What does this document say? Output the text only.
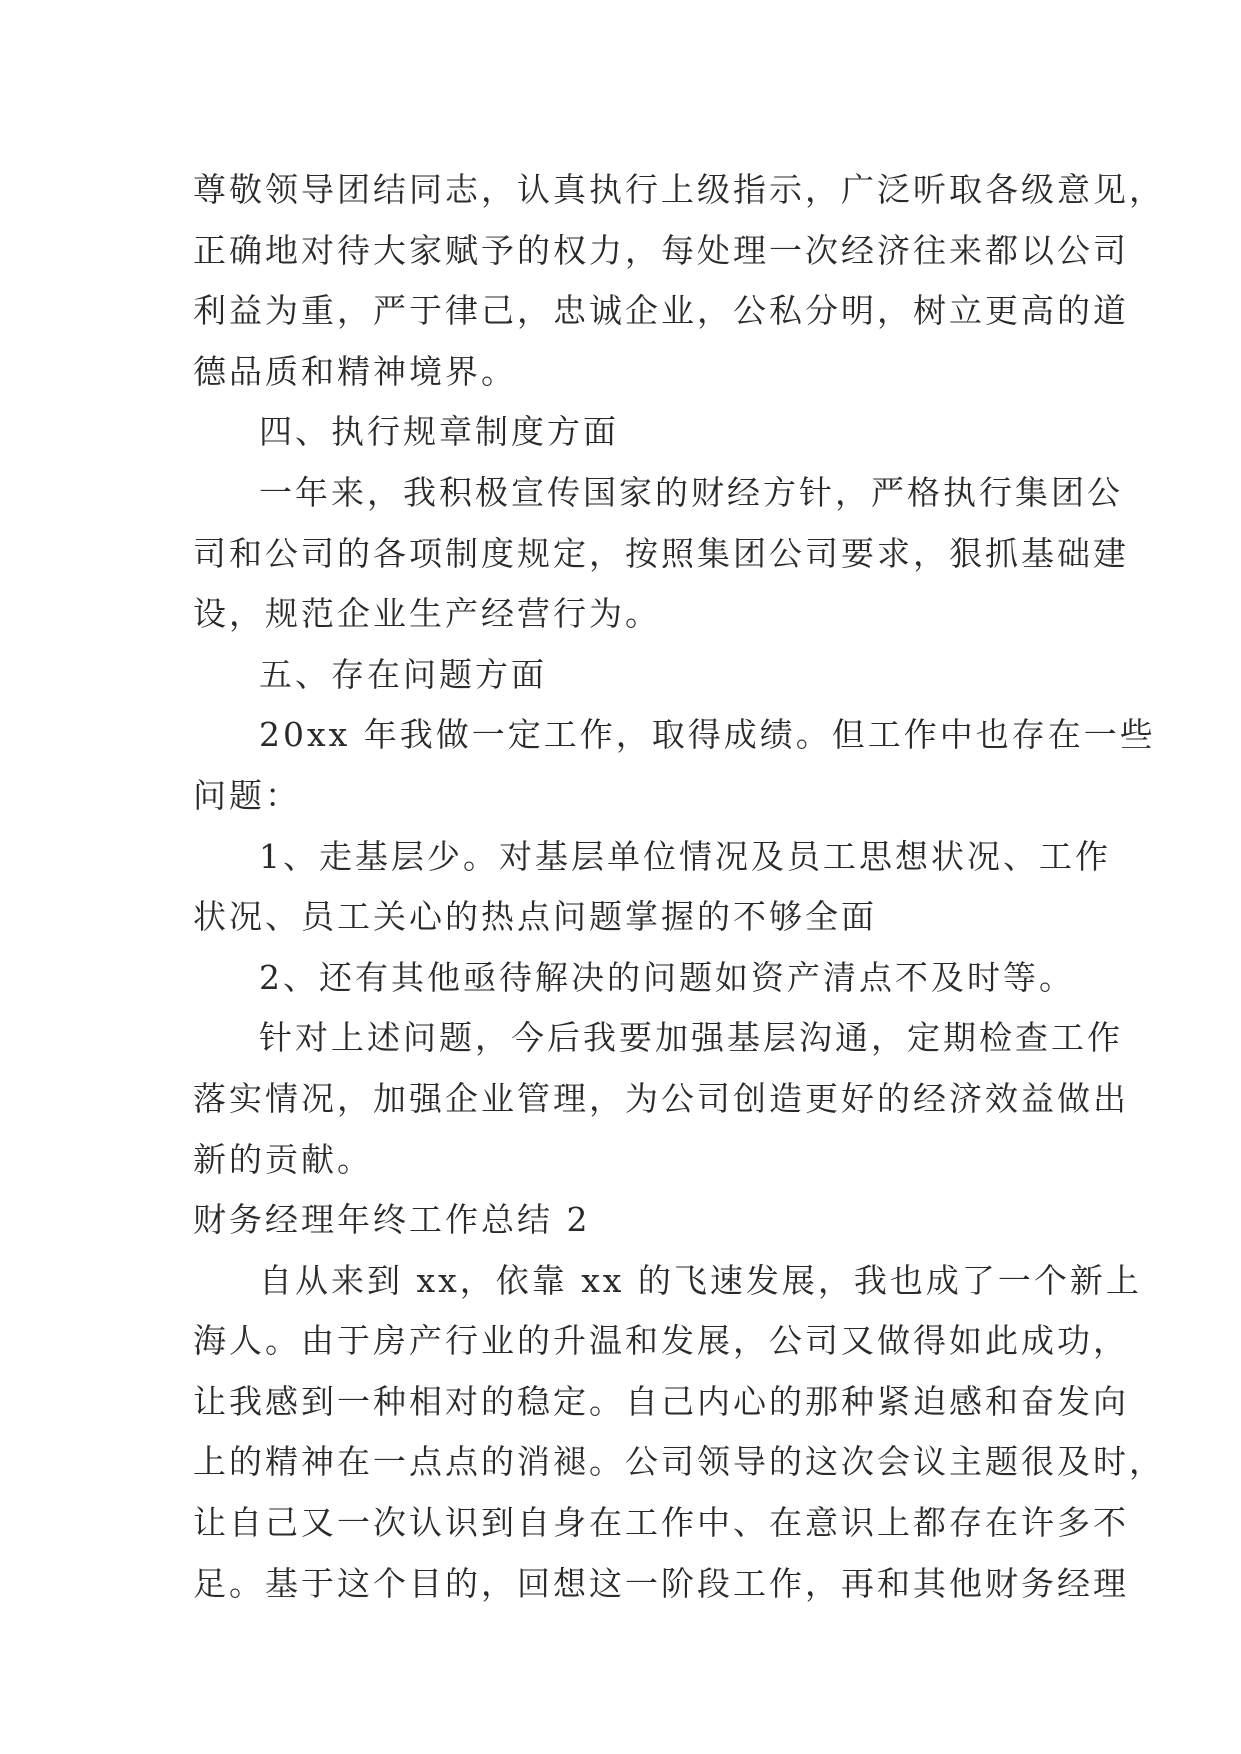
尊敬领导团结同志，认真执行上级指示，广泛听取各级意见，
正确地对待大家赋予的权力，每处理一次经济往来都以公司
利益为重，严于律己，忠诚企业，公私分明，树立更高的道
德品质和精神境界。
四、执行规章制度方面
一年来，我积极宣传国家的财经方针，严格执行集团公
司和公司的各项制度规定，按照集团公司要求，狠抓基础建
设，规范企业生产经营行为。
五、存在问题方面
20xx 年我做一定工作，取得成绩。但工作中也存在一些
问题：
1、走基层少。对基层单位情况及员工思想状况、工作
状况、员工关心的热点问题掌握的不够全面
2、还有其他亟待解决的问题如资产清点不及时等。
针对上述问题，今后我要加强基层沟通，定期检查工作
落实情况，加强企业管理，为公司创造更好的经济效益做出
新的贡献。
财务经理年终工作总结 2
自从来到 xx，依靠 xx 的飞速发展，我也成了一个新上
海人。由于房产行业的升温和发展，公司又做得如此成功，
让我感到一种相对的稳定。自己内心的那种紧迫感和奋发向
上的精神在一点点的消褪。公司领导的这次会议主题很及时，
让自己又一次认识到自身在工作中、在意识上都存在许多不
足。基于这个目的，回想这一阶段工作，再和其他财务经理
